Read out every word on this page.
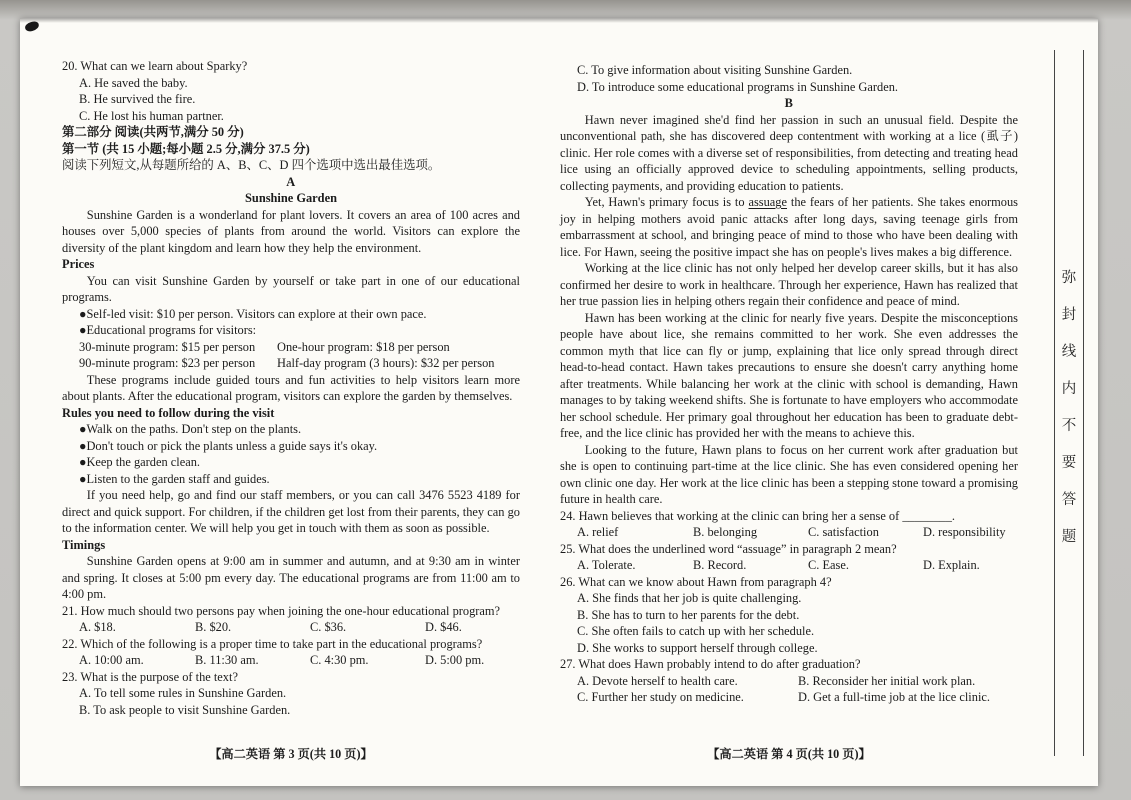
20. What can we learn about Sparky?
A. He saved the baby.
B. He survived the fire.
C. He lost his human partner.
第二部分 阅读(共两节,满分 50 分)
第一节 (共 15 小题;每小题 2.5 分,满分 37.5 分)
阅读下列短文,从每题所给的 A、B、C、D 四个选项中选出最佳选项。
A
Sunshine Garden
Sunshine Garden is a wonderland for plant lovers. It covers an area of 100 acres and houses over 5,000 species of plants from around the world. Visitors can explore the diversity of the plant kingdom and learn how they help the environment.
Prices
You can visit Sunshine Garden by yourself or take part in one of our educational programs.
●Self-led visit: $10 per person. Visitors can explore at their own pace.
●Educational programs for visitors:
30-minute program: $15 per person	One-hour program: $18 per person
90-minute program: $23 per person	Half-day program (3 hours): $32 per person
These programs include guided tours and fun activities to help visitors learn more about plants. After the educational program, visitors can explore the garden by themselves.
Rules you need to follow during the visit
●Walk on the paths. Don't step on the plants.
●Don't touch or pick the plants unless a guide says it's okay.
●Keep the garden clean.
●Listen to the garden staff and guides.
If you need help, go and find our staff members, or you can call 3476 5523 4189 for direct and quick support. For children, if the children get lost from their parents, they can go to the information center. We will help you get in touch with them as soon as possible.
Timings
Sunshine Garden opens at 9:00 am in summer and autumn, and at 9:30 am in winter and spring. It closes at 5:00 pm every day. The educational programs are from 11:00 am to 4:00 pm.
21. How much should two persons pay when joining the one-hour educational program?
A. $18.	B. $20.	C. $36.	D. $46.
22. Which of the following is a proper time to take part in the educational programs?
A. 10:00 am.	B. 11:30 am.	C. 4:30 pm.	D. 5:00 pm.
23. What is the purpose of the text?
A. To tell some rules in Sunshine Garden.
B. To ask people to visit Sunshine Garden.
C. To give information about visiting Sunshine Garden.
D. To introduce some educational programs in Sunshine Garden.
B
Hawn never imagined she'd find her passion in such an unusual field. Despite the unconventional path, she has discovered deep contentment with working at a lice (虱子) clinic. Her role comes with a diverse set of responsibilities, from detecting and treating head lice using an officially approved device to scheduling appointments, selling products, collecting payments, and providing education to patients.
Yet, Hawn's primary focus is to assuage the fears of her patients. She takes enormous joy in helping mothers avoid panic attacks after long days, saving teenage girls from embarrassment at school, and bringing peace of mind to those who have been dealing with lice. For Hawn, seeing the positive impact she has on people's lives makes a big difference.
Working at the lice clinic has not only helped her develop career skills, but it has also confirmed her desire to work in healthcare. Through her experience, Hawn has realized that her true passion lies in helping others regain their confidence and peace of mind.
Hawn has been working at the clinic for nearly five years. Despite the misconceptions people have about lice, she remains committed to her work. She even addresses the common myth that lice can fly or jump, explaining that lice only spread through direct head-to-head contact. Hawn takes precautions to ensure she doesn't carry anything home after treatments. While balancing her work at the clinic with school is demanding, Hawn manages to by taking weekend shifts. She is fortunate to have employers who accommodate her school schedule. Her primary goal throughout her education has been to graduate debt-free, and the lice clinic has provided her with the means to achieve this.
Looking to the future, Hawn plans to focus on her current work after graduation but she is open to continuing part-time at the lice clinic. She has even considered opening her own clinic one day. Her work at the lice clinic has been a stepping stone toward a promising future in health care.
24. Hawn believes that working at the clinic can bring her a sense of ________.
A. relief	B. belonging	C. satisfaction	D. responsibility
25. What does the underlined word “assuage” in paragraph 2 mean?
A. Tolerate.	B. Record.	C. Ease.	D. Explain.
26. What can we know about Hawn from paragraph 4?
A. She finds that her job is quite challenging.
B. She has to turn to her parents for the debt.
C. She often fails to catch up with her schedule.
D. She works to support herself through college.
27. What does Hawn probably intend to do after graduation?
A. Devote herself to health care.	B. Reconsider her initial work plan.
C. Further her study on medicine.	D. Get a full-time job at the lice clinic.
弥
封
线
内
不
要
答
题
【高二英语 第 3 页(共 10 页)】	【高二英语 第 4 页(共 10 页)】
